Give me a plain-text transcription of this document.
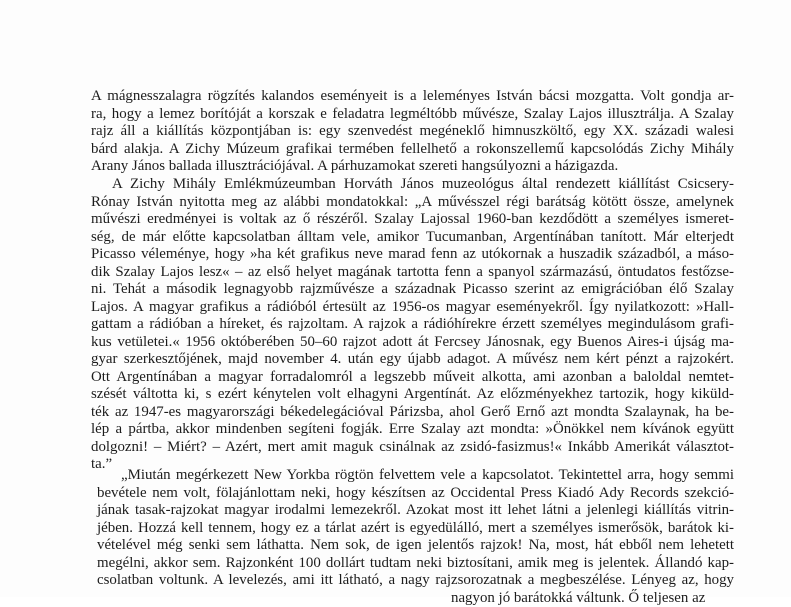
A mágnesszalagra rögzítés kalandos eseményeit is a leleményes István bácsi mozgatta. Volt gondja ar-
ra, hogy a lemez borítóját a korszak e feladatra legméltóbb művésze, Szalay Lajos illusztrálja. A Szalay
rajz áll a kiállítás központjában is: egy szenvedést megéneklő himnuszköltő, egy XX. századi walesi
bárd alakja. A Zichy Múzeum grafikai termében fellelhető a rokonszellemű kapcsolódás Zichy Mihály
Arany János ballada illusztrációjával. A párhuzamokat szereti hangsúlyozni a házigazda.
A Zichy Mihály Emlékmúzeumban Horváth János muzeológus által rendezett kiállítást Csicsery-
Rónay István nyitotta meg az alábbi mondatokkal: „A művésszel régi barátság kötött össze, amelynek
művészi eredményei is voltak az ő részéről. Szalay Lajossal 1960-ban kezdődött a személyes ismeret-
ség, de már előtte kapcsolatban álltam vele, amikor Tucumanban, Argentínában tanított. Már elterjedt
Picasso véleménye, hogy »ha két grafikus neve marad fenn az utókornak a huszadik századból, a máso-
dik Szalay Lajos lesz« – az első helyet magának tartotta fenn a spanyol származású, öntudatos festőzse-
ni. Tehát a második legnagyobb rajzművésze a századnak Picasso szerint az emigrációban élő Szalay
Lajos. A magyar grafikus a rádióból értesült az 1956-os magyar eseményekről. Így nyilatkozott: »Hall-
gattam a rádióban a híreket, és rajzoltam. A rajzok a rádióhírekre érzett személyes megindulásom grafi-
kus vetületei.« 1956 októberében 50–60 rajzot adott át Fercsey Jánosnak, egy Buenos Aires-i újság ma-
gyar szerkesztőjének, majd november 4. után egy újabb adagot. A művész nem kért pénzt a rajzokért.
Ott Argentínában a magyar forradalomról a legszebb műveit alkotta, ami azonban a baloldal nemtet-
szését váltotta ki, s ezért kénytelen volt elhagyni Argentínát. Az előzményekhez tartozik, hogy kiküld-
ték az 1947-es magyarországi békedelegációval Párizsba, ahol Gerő Ernő azt mondta Szalaynak, ha be-
lép a pártba, akkor mindenben segíteni fogják. Erre Szalay azt mondta: »Önökkel nem kívánok együtt
dolgozni! – Miért? – Azért, mert amit maguk csinálnak az zsidó-fasizmus!« Inkább Amerikát választot-
ta.”
„Miután megérkezett New Yorkba rögtön felvettem vele a kapcsolatot. Tekintettel arra, hogy semmi
bevétele nem volt, fölajánlottam neki, hogy készítsen az Occidental Press Kiadó Ady Records szekció-
jának tasak-rajzokat magyar irodalmi lemezekről. Azokat most itt lehet látni a jelenlegi kiállítás vitrin-
jében. Hozzá kell tennem, hogy ez a tárlat azért is egyedülálló, mert a személyes ismerősök, barátok ki-
vételével még senki sem láthatta. Nem sok, de igen jelentős rajzok! Na, most, hát ebből nem lehetett
megélni, akkor sem. Rajzonként 100 dollárt tudtam neki biztosítani, amik meg is jelentek. Állandó kap-
csolatban voltunk. A levelezés, ami itt látható, a nagy rajzsorozatnak a megbeszélése. Lényeg az, hogy
nagyon jó barátokká váltunk. Ő teljesen az
